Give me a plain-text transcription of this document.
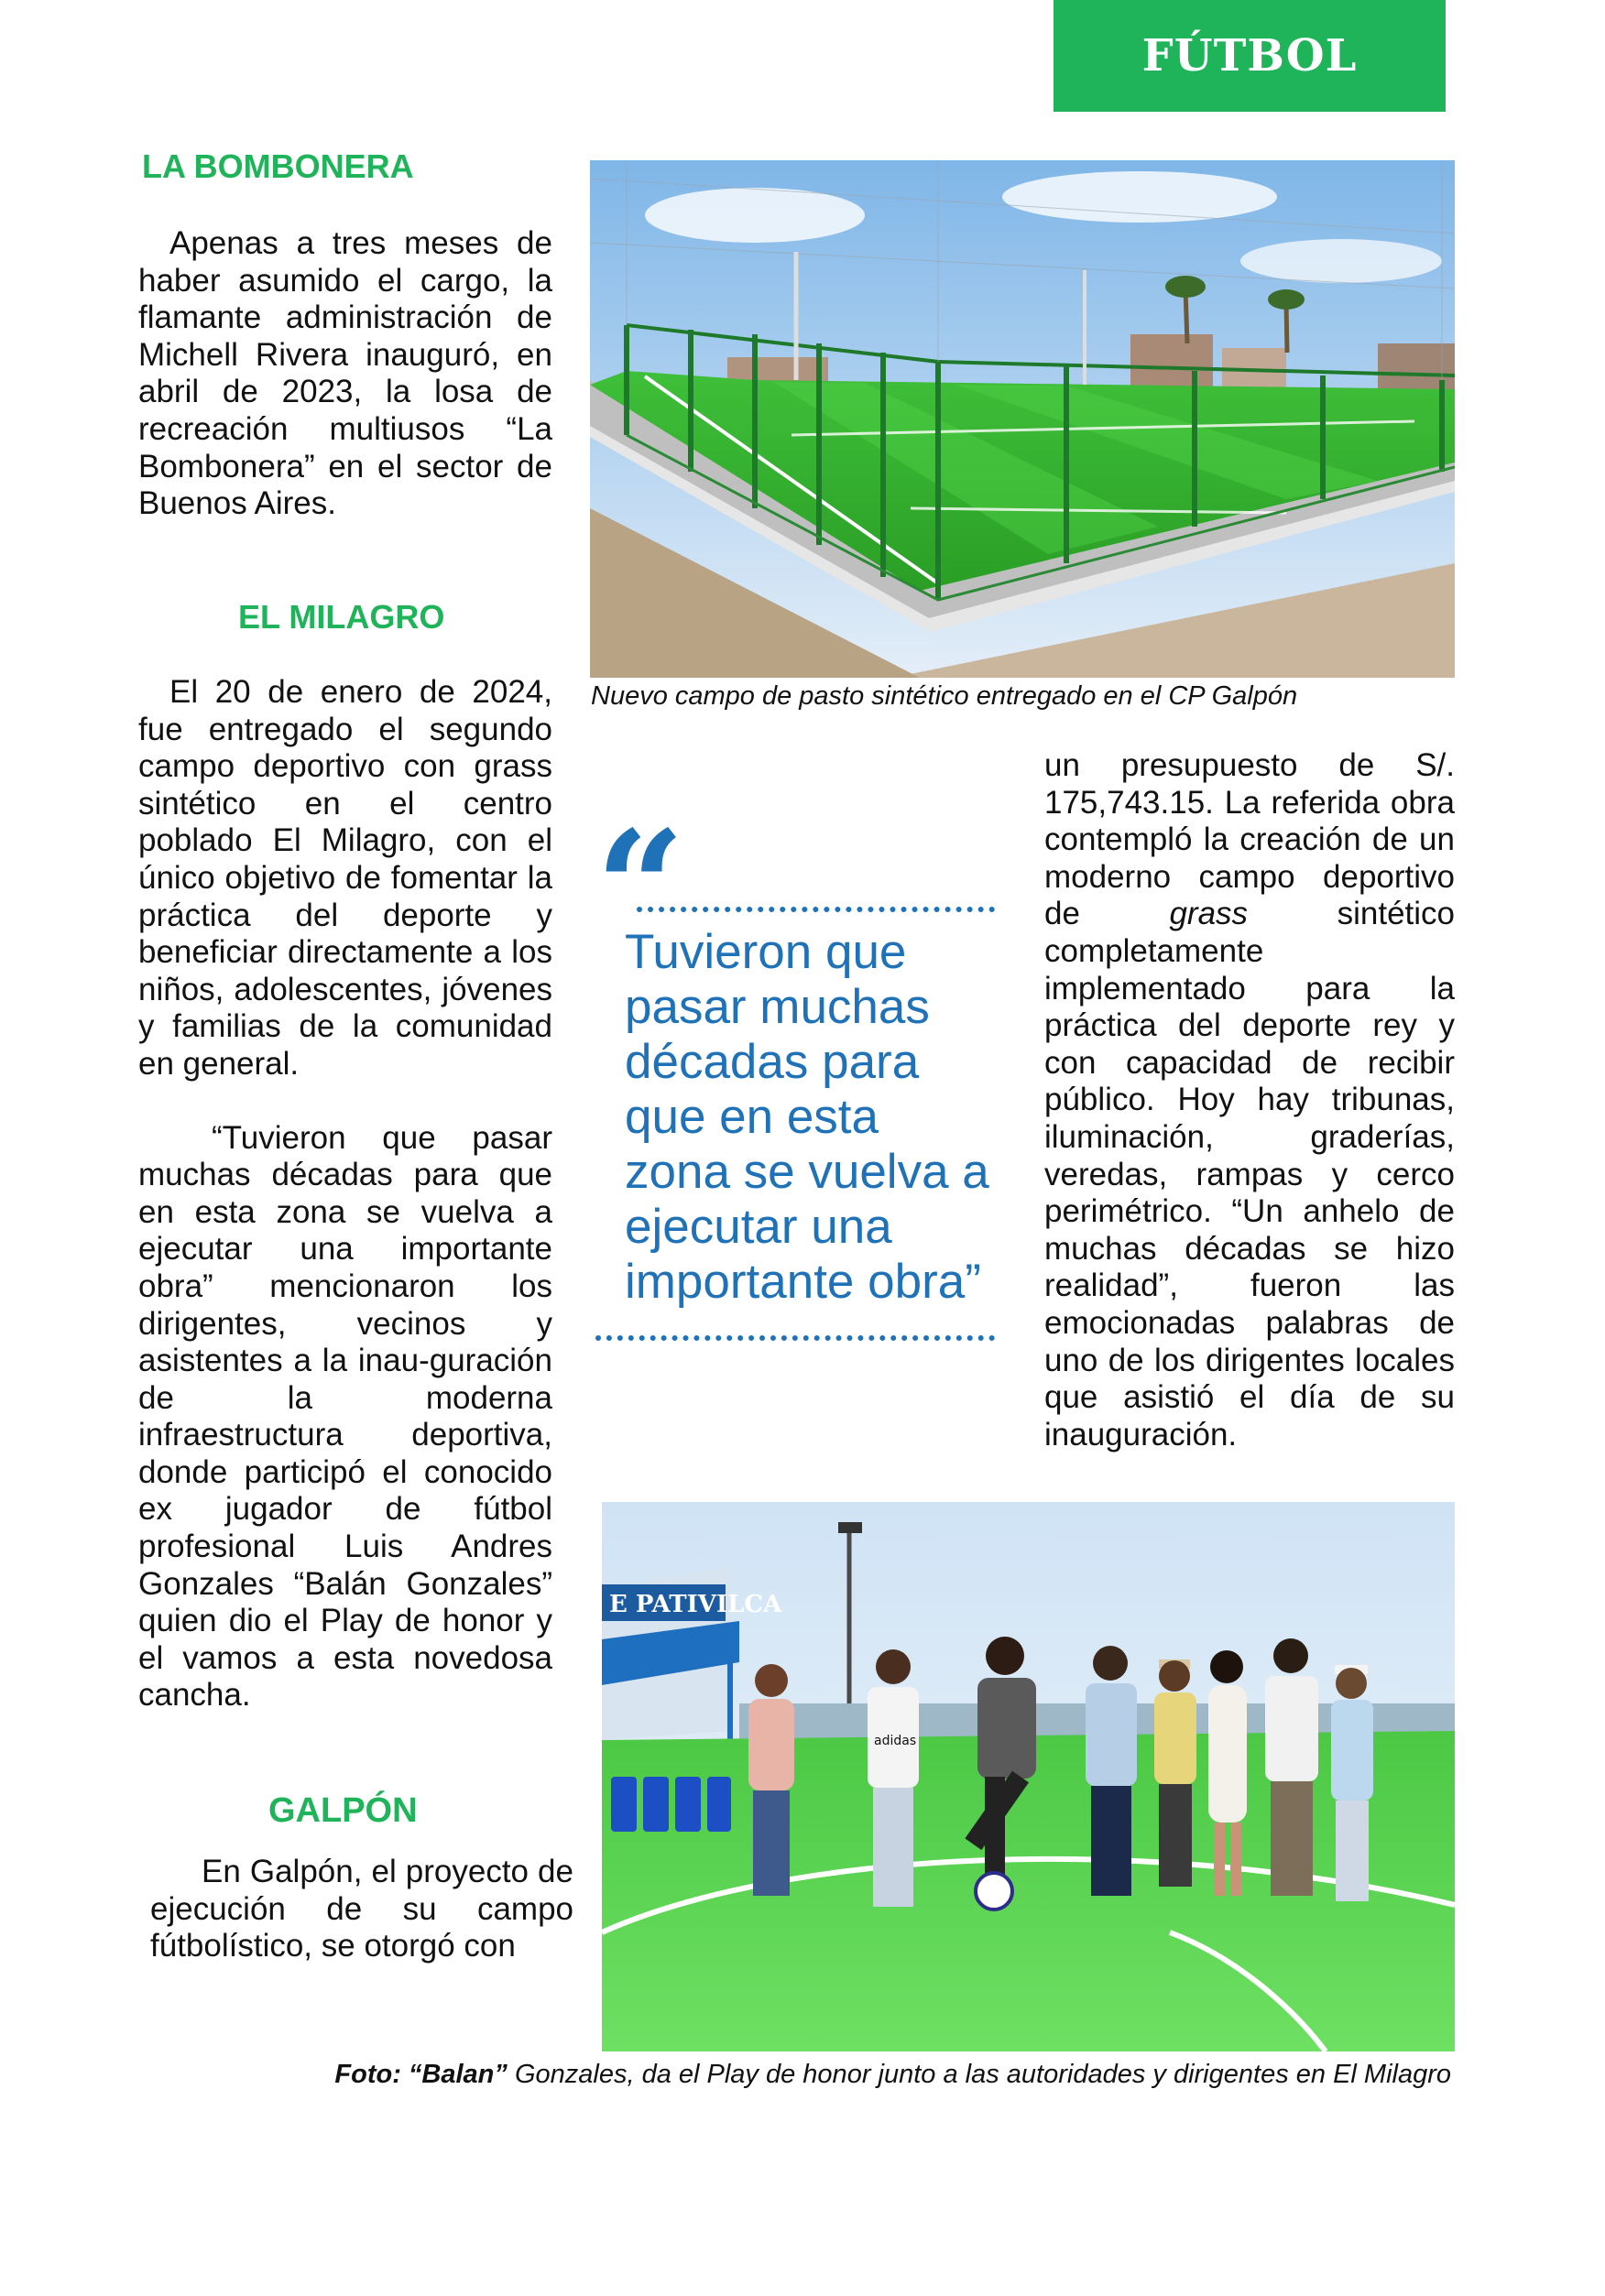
FÚTBOL
LA BOMBONERA

Apenas a tres meses de haber asumido el cargo, la flamante administración de Michell Rivera inauguró, en abril de 2023, la losa de recreación multiusos “La Bombonera” en el sector de Buenos Aires.

EL MILAGRO

El 20 de enero de 2024, fue entregado el segundo campo deportivo con grass sintético en el centro poblado El Milagro, con el único objetivo de fomentar la práctica del deporte y beneficiar directamente a los niños, adolescentes, jóvenes y familias de la comunidad en general.

“Tuvieron que pasar muchas décadas para que en esta zona se vuelva a ejecutar una importante obra” mencionaron los dirigentes, vecinos y asistentes a la inau-guración de la moderna infraestructura deportiva, donde participó el conocido ex jugador de fútbol profesional Luis Andres Gonzales “Balán Gonzales” quien dio el Play de honor y el vamos a esta novedosa cancha.

GALPÓN

En Galpón, el proyecto de ejecución de su campo fútbolístico, se otorgó con

Nuevo campo de pasto sintético entregado en el CP Galpón
“

Tuvieron que pasar muchas décadas para que en esta zona se vuelva a ejecutar una importante obra”

un presupuesto de S/. 175,743.15. La referida obra contempló la creación de un moderno campo deportivo de grass sintético completamente implementado para la práctica del deporte rey y con capacidad de recibir público. Hoy hay tribunas, iluminación, graderías, veredas, rampas y cerco perimétrico. “Un anhelo de muchas décadas se hizo realidad”, fueron las emocionadas palabras de uno de los dirigentes locales que asistió el día de su inauguración.

E PATIVILCA
adidas
Foto: “Balan” Gonzales, da el Play de honor junto a las autoridades y dirigentes en El Milagro
